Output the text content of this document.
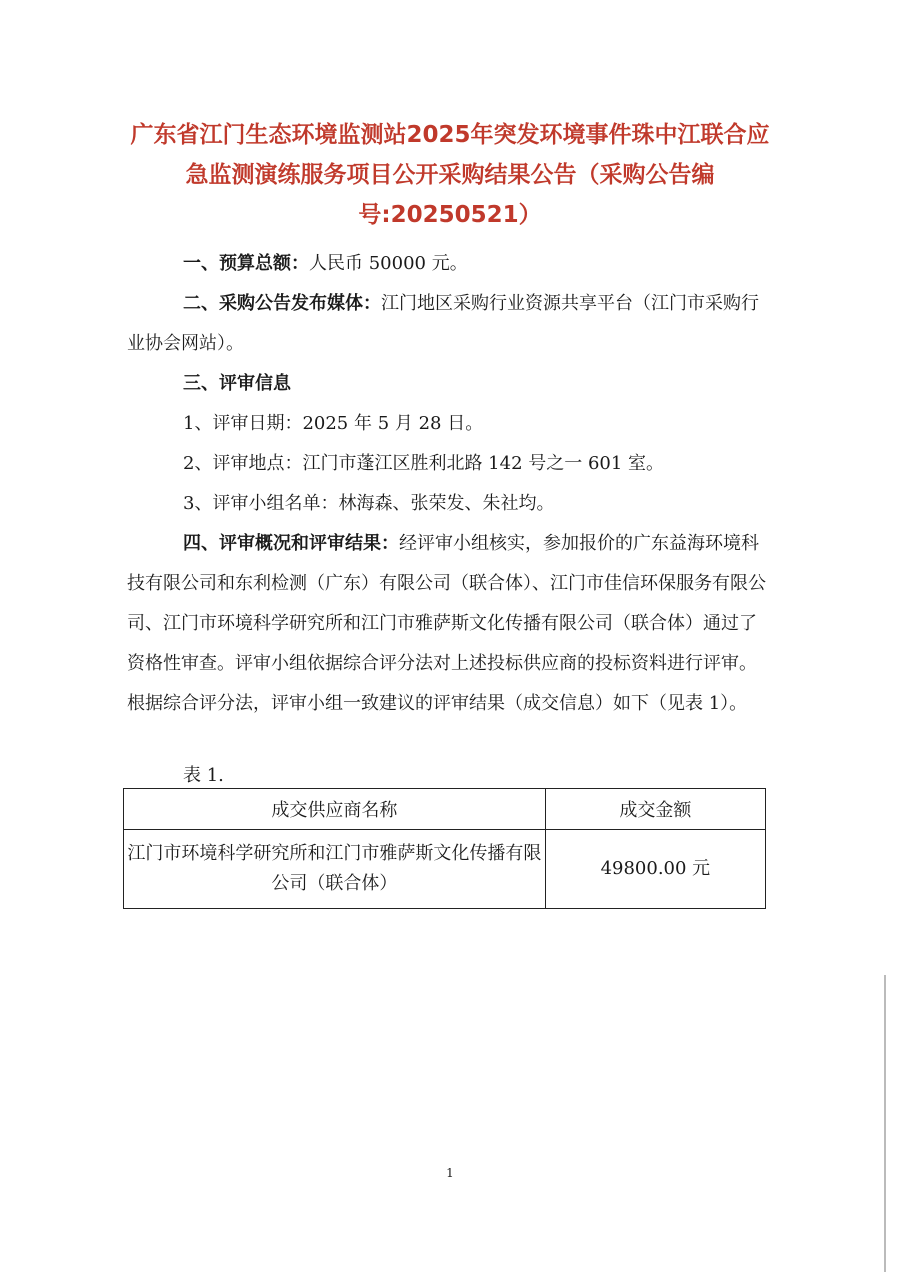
广东省江门生态环境监测站2025年突发环境事件珠中江联合应急监测演练服务项目公开采购结果公告（采购公告编号:20250521）

一、预算总额：人民币 50000 元。

二、采购公告发布媒体：江门地区采购行业资源共享平台（江门市采购行业协会网站）。

三、评审信息

1、评审日期：2025 年 5 月 28 日。

2、评审地点：江门市蓬江区胜利北路 142 号之一 601 室。

3、评审小组名单：林海森、张荣发、朱社均。

四、评审概况和评审结果：经评审小组核实，参加报价的广东益海环境科技有限公司和东利检测（广东）有限公司（联合体）、江门市佳信环保服务有限公司、江门市环境科学研究所和江门市雅萨斯文化传播有限公司（联合体）通过了资格性审查。评审小组依据综合评分法对上述投标供应商的投标资料进行评审。根据综合评分法，评审小组一致建议的评审结果（成交信息）如下（见表 1）。

表 1.

成交供应商名称	成交金额
江门市环境科学研究所和江门市雅萨斯文化传播有限公司（联合体）	49800.00 元
1
